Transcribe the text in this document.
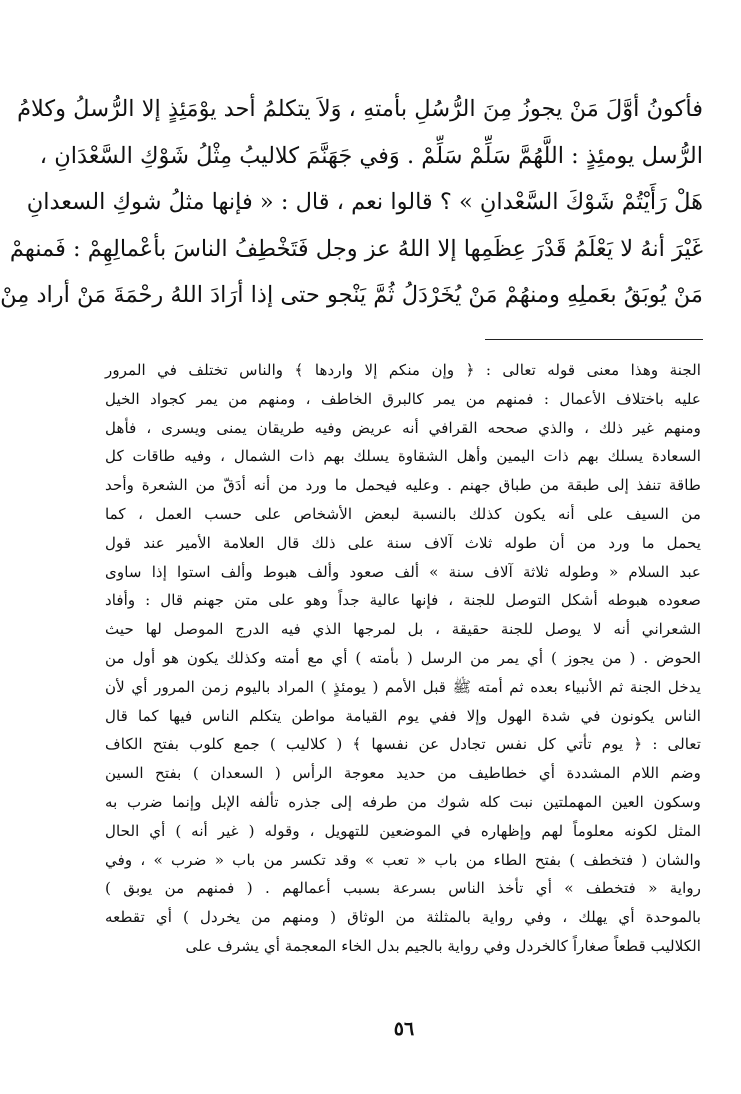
فأكونُ أوَّلَ مَنْ يجوزُ مِنَ الرُّسُلِ بأمتهِ ، وَلاَ يتكلمُ أحد يوْمَئِذٍ إلا الرُّسلُ وكلامُ
الرُّسل يومئِذٍ : اللَّهُمَّ سَلِّمْ سَلِّمْ . وَفي جَهَنَّمَ كلاليبُ مِثْلُ شَوْكِ السَّعْدَانِ ،
هَلْ رَأَيْتُمْ شَوْكَ السَّعْدانِ » ؟ قالوا نعم ، قال : « فإنها مثلُ شوكِ السعدانِ
غَيْرَ أنهُ لا يَعْلَمُ قَدْرَ عِظَمِها إلا اللهُ عز وجل فَتَخْطِفُ الناسَ بأعْمالِهِمْ : فَمنهمْ
مَنْ يُوبَقُ بعَملِهِ ومنهُمْ مَنْ يُخَرْدَلُ ثُمَّ يَنْجو حتى إذا أرَادَ اللهُ رحْمَةَ مَنْ أراد مِنْ
الجنة وهذا معنى قوله تعالى : ﴿ وإن منكم إلا واردها ﴾ والناس تختلف في المرور
عليه باختلاف الأعمال : فمنهم من يمر كالبرق الخاطف ، ومنهم من يمر كجواد الخيل
ومنهم غير ذلك ، والذي صححه القرافي أنه عريض وفيه طريقان يمنى ويسرى ، فأهل
السعادة يسلك بهم ذات اليمين وأهل الشقاوة يسلك بهم ذات الشمال ، وفيه طاقات كل
طاقة تنفذ إلى طبقة من طباق جهنم . وعليه فيحمل ما ورد من أنه أدَقّ من الشعرة وأحد
من السيف على أنه يكون كذلك بالنسبة لبعض الأشخاص على حسب العمل ، كما
يحمل ما ورد من أن طوله ثلاث آلاف سنة على ذلك قال العلامة الأمير عند قول
عبد السلام « وطوله ثلاثة آلاف سنة » ألف صعود وألف هبوط وألف استوا إذا ساوى
صعوده هبوطه أشكل التوصل للجنة ، فإنها عالية جداً وهو على متن جهنم قال : وأفاد
الشعراني أنه لا يوصل للجنة حقيقة ، بل لمرجها الذي فيه الدرج الموصل لها حيث
الحوض . ( من يجوز ) أي يمر من الرسل ( بأمته ) أي مع أمته وكذلك يكون هو أول من
يدخل الجنة ثم الأنبياء بعده ثم أمته ﷺ قبل الأمم ( يومئذٍ ) المراد باليوم زمن المرور أي لأن
الناس يكونون في شدة الهول وإلا ففي يوم القيامة مواطن يتكلم الناس فيها كما قال
تعالى : ﴿ يوم تأتي كل نفس تجادل عن نفسها ﴾ ( كلاليب ) جمع كلوب بفتح الكاف
وضم اللام المشددة أي خطاطيف من حديد معوجة الرأس ( السعدان ) بفتح السين
وسكون العين المهملتين نبت كله شوك من طرفه إلى جذره تألفه الإبل وإنما ضرب به
المثل لكونه معلوماً لهم وإظهاره في الموضعين للتهويل ، وقوله ( غير أنه ) أي الحال
والشان ( فتخطف ) بفتح الطاء من باب « تعب » وقد تكسر من باب « ضرب » ، وفي
رواية « فتخطف » أي تأخذ الناس بسرعة بسبب أعمالهم . ( فمنهم من يوبق )
بالموحدة أي يهلك ، وفي رواية بالمثلثة من الوثاق ( ومنهم من يخردل ) أي تقطعه
الكلاليب قطعاً صغاراً كالخردل وفي رواية بالجيم بدل الخاء المعجمة أي يشرف على
٥٦
